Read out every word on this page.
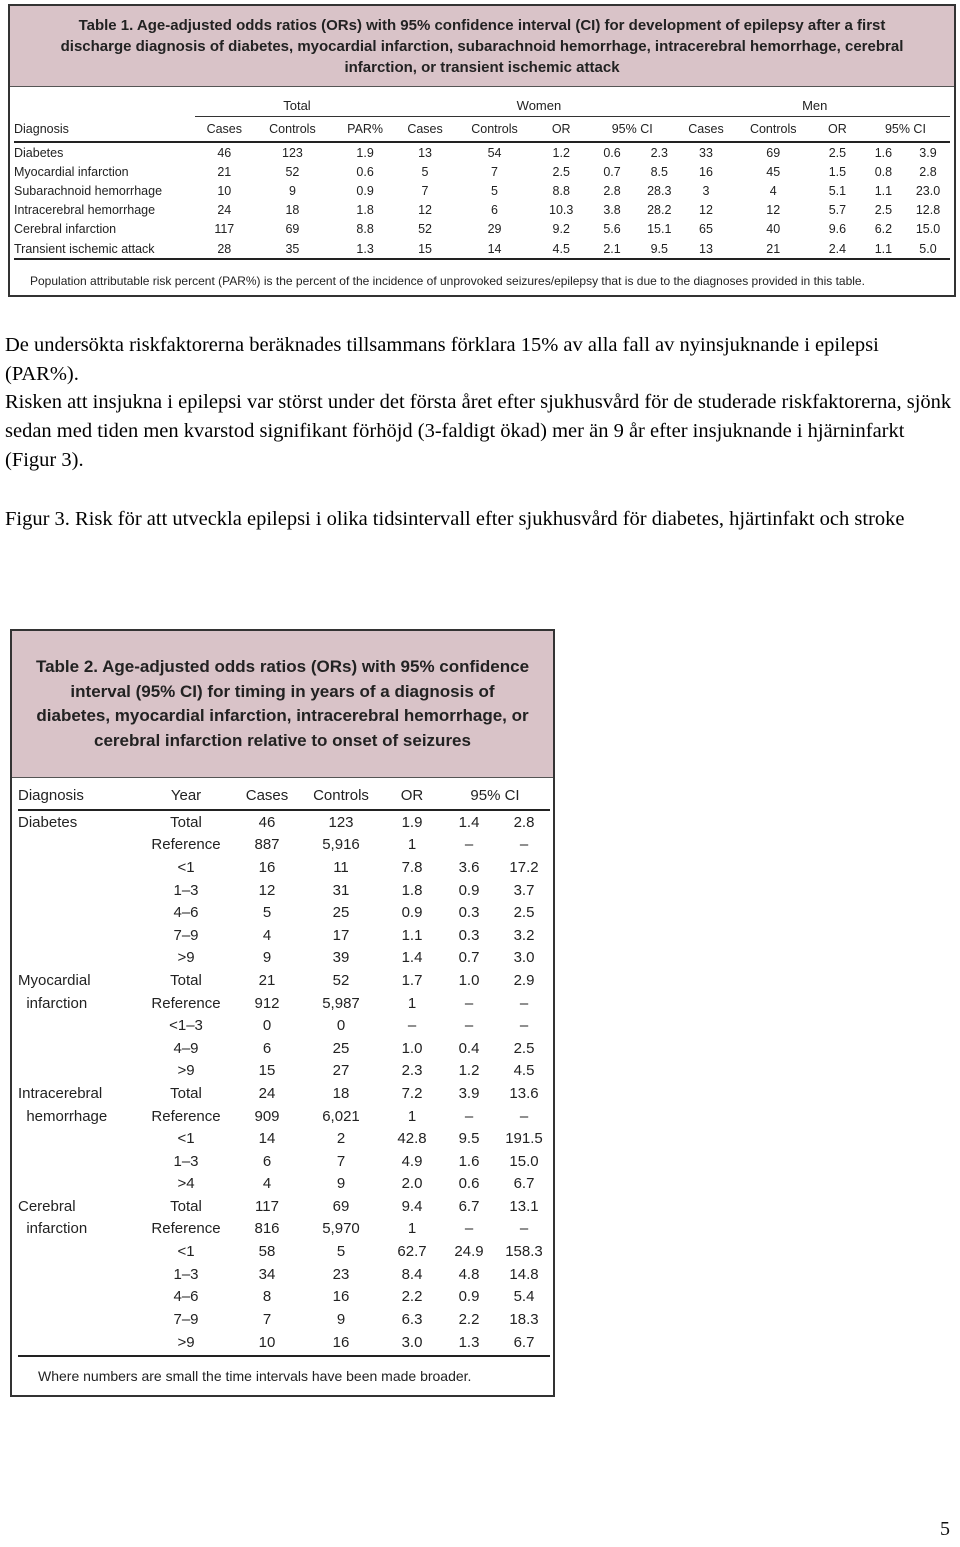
Table 1. Age-adjusted odds ratios (ORs) with 95% confidence interval (CI) for development of epilepsy after a first discharge diagnosis of diabetes, myocardial infarction, subarachnoid hemorrhage, intracerebral hemorrhage, cerebral infarction, or transient ischemic attack
	Total			Women					Men				
Diagnosis	Cases	Controls	PAR%	Cases	Controls	OR	95% CI		Cases	Controls	OR	95% CI	
Diabetes	46	123	1.9	13	54	1.2	0.6	2.3	33	69	2.5	1.6	3.9
Myocardial infarction	21	52	0.6	5	7	2.5	0.7	8.5	16	45	1.5	0.8	2.8
Subarachnoid hemorrhage	10	9	0.9	7	5	8.8	2.8	28.3	3	4	5.1	1.1	23.0
Intracerebral hemorrhage	24	18	1.8	12	6	10.3	3.8	28.2	12	12	5.7	2.5	12.8
Cerebral infarction	117	69	8.8	52	29	9.2	5.6	15.1	65	40	9.6	6.2	15.0
Transient ischemic attack	28	35	1.3	15	14	4.5	2.1	9.5	13	21	2.4	1.1	5.0
Population attributable risk percent (PAR%) is the percent of the incidence of unprovoked seizures/epilepsy that is due to the diagnoses provided in this table.
De undersökta riskfaktorerna beräknades tillsammans förklara 15% av alla fall av nyinsjuknande i epilepsi (PAR%).
Risken att insjukna i epilepsi var störst under det första året efter sjukhusvård för de studerade riskfaktorerna, sjönk sedan med tiden men kvarstod signifikant förhöjd (3-faldigt ökad) mer än 9 år efter insjuknande i hjärninfarkt (Figur 3).
Figur 3. Risk för att utveckla epilepsi i olika tidsintervall efter sjukhusvård för diabetes, hjärtinfakt och stroke
Table 2. Age-adjusted odds ratios (ORs) with 95% confidence interval (95% CI) for timing in years of a diagnosis of diabetes, myocardial infarction, intracerebral hemorrhage, or cerebral infarction relative to onset of seizures
Diagnosis	Year	Cases	Controls	OR	95% CI	
Diabetes	Total	46	123	1.9	1.4	2.8
	Reference	887	5,916	1	–	–
	<1	16	11	7.8	3.6	17.2
	1–3	12	31	1.8	0.9	3.7
	4–6	5	25	0.9	0.3	2.5
	7–9	4	17	1.1	0.3	3.2
	>9	9	39	1.4	0.7	3.0
Myocardial	Total	21	52	1.7	1.0	2.9
infarction	Reference	912	5,987	1	–	–
	<1–3	0	0	–	–	–
	4–9	6	25	1.0	0.4	2.5
	>9	15	27	2.3	1.2	4.5
Intracerebral	Total	24	18	7.2	3.9	13.6
hemorrhage	Reference	909	6,021	1	–	–
	<1	14	2	42.8	9.5	191.5
	1–3	6	7	4.9	1.6	15.0
	>4	4	9	2.0	0.6	6.7
Cerebral	Total	117	69	9.4	6.7	13.1
infarction	Reference	816	5,970	1	–	–
	<1	58	5	62.7	24.9	158.3
	1–3	34	23	8.4	4.8	14.8
	4–6	8	16	2.2	0.9	5.4
	7–9	7	9	6.3	2.2	18.3
	>9	10	16	3.0	1.3	6.7
Where numbers are small the time intervals have been made broader.
5
